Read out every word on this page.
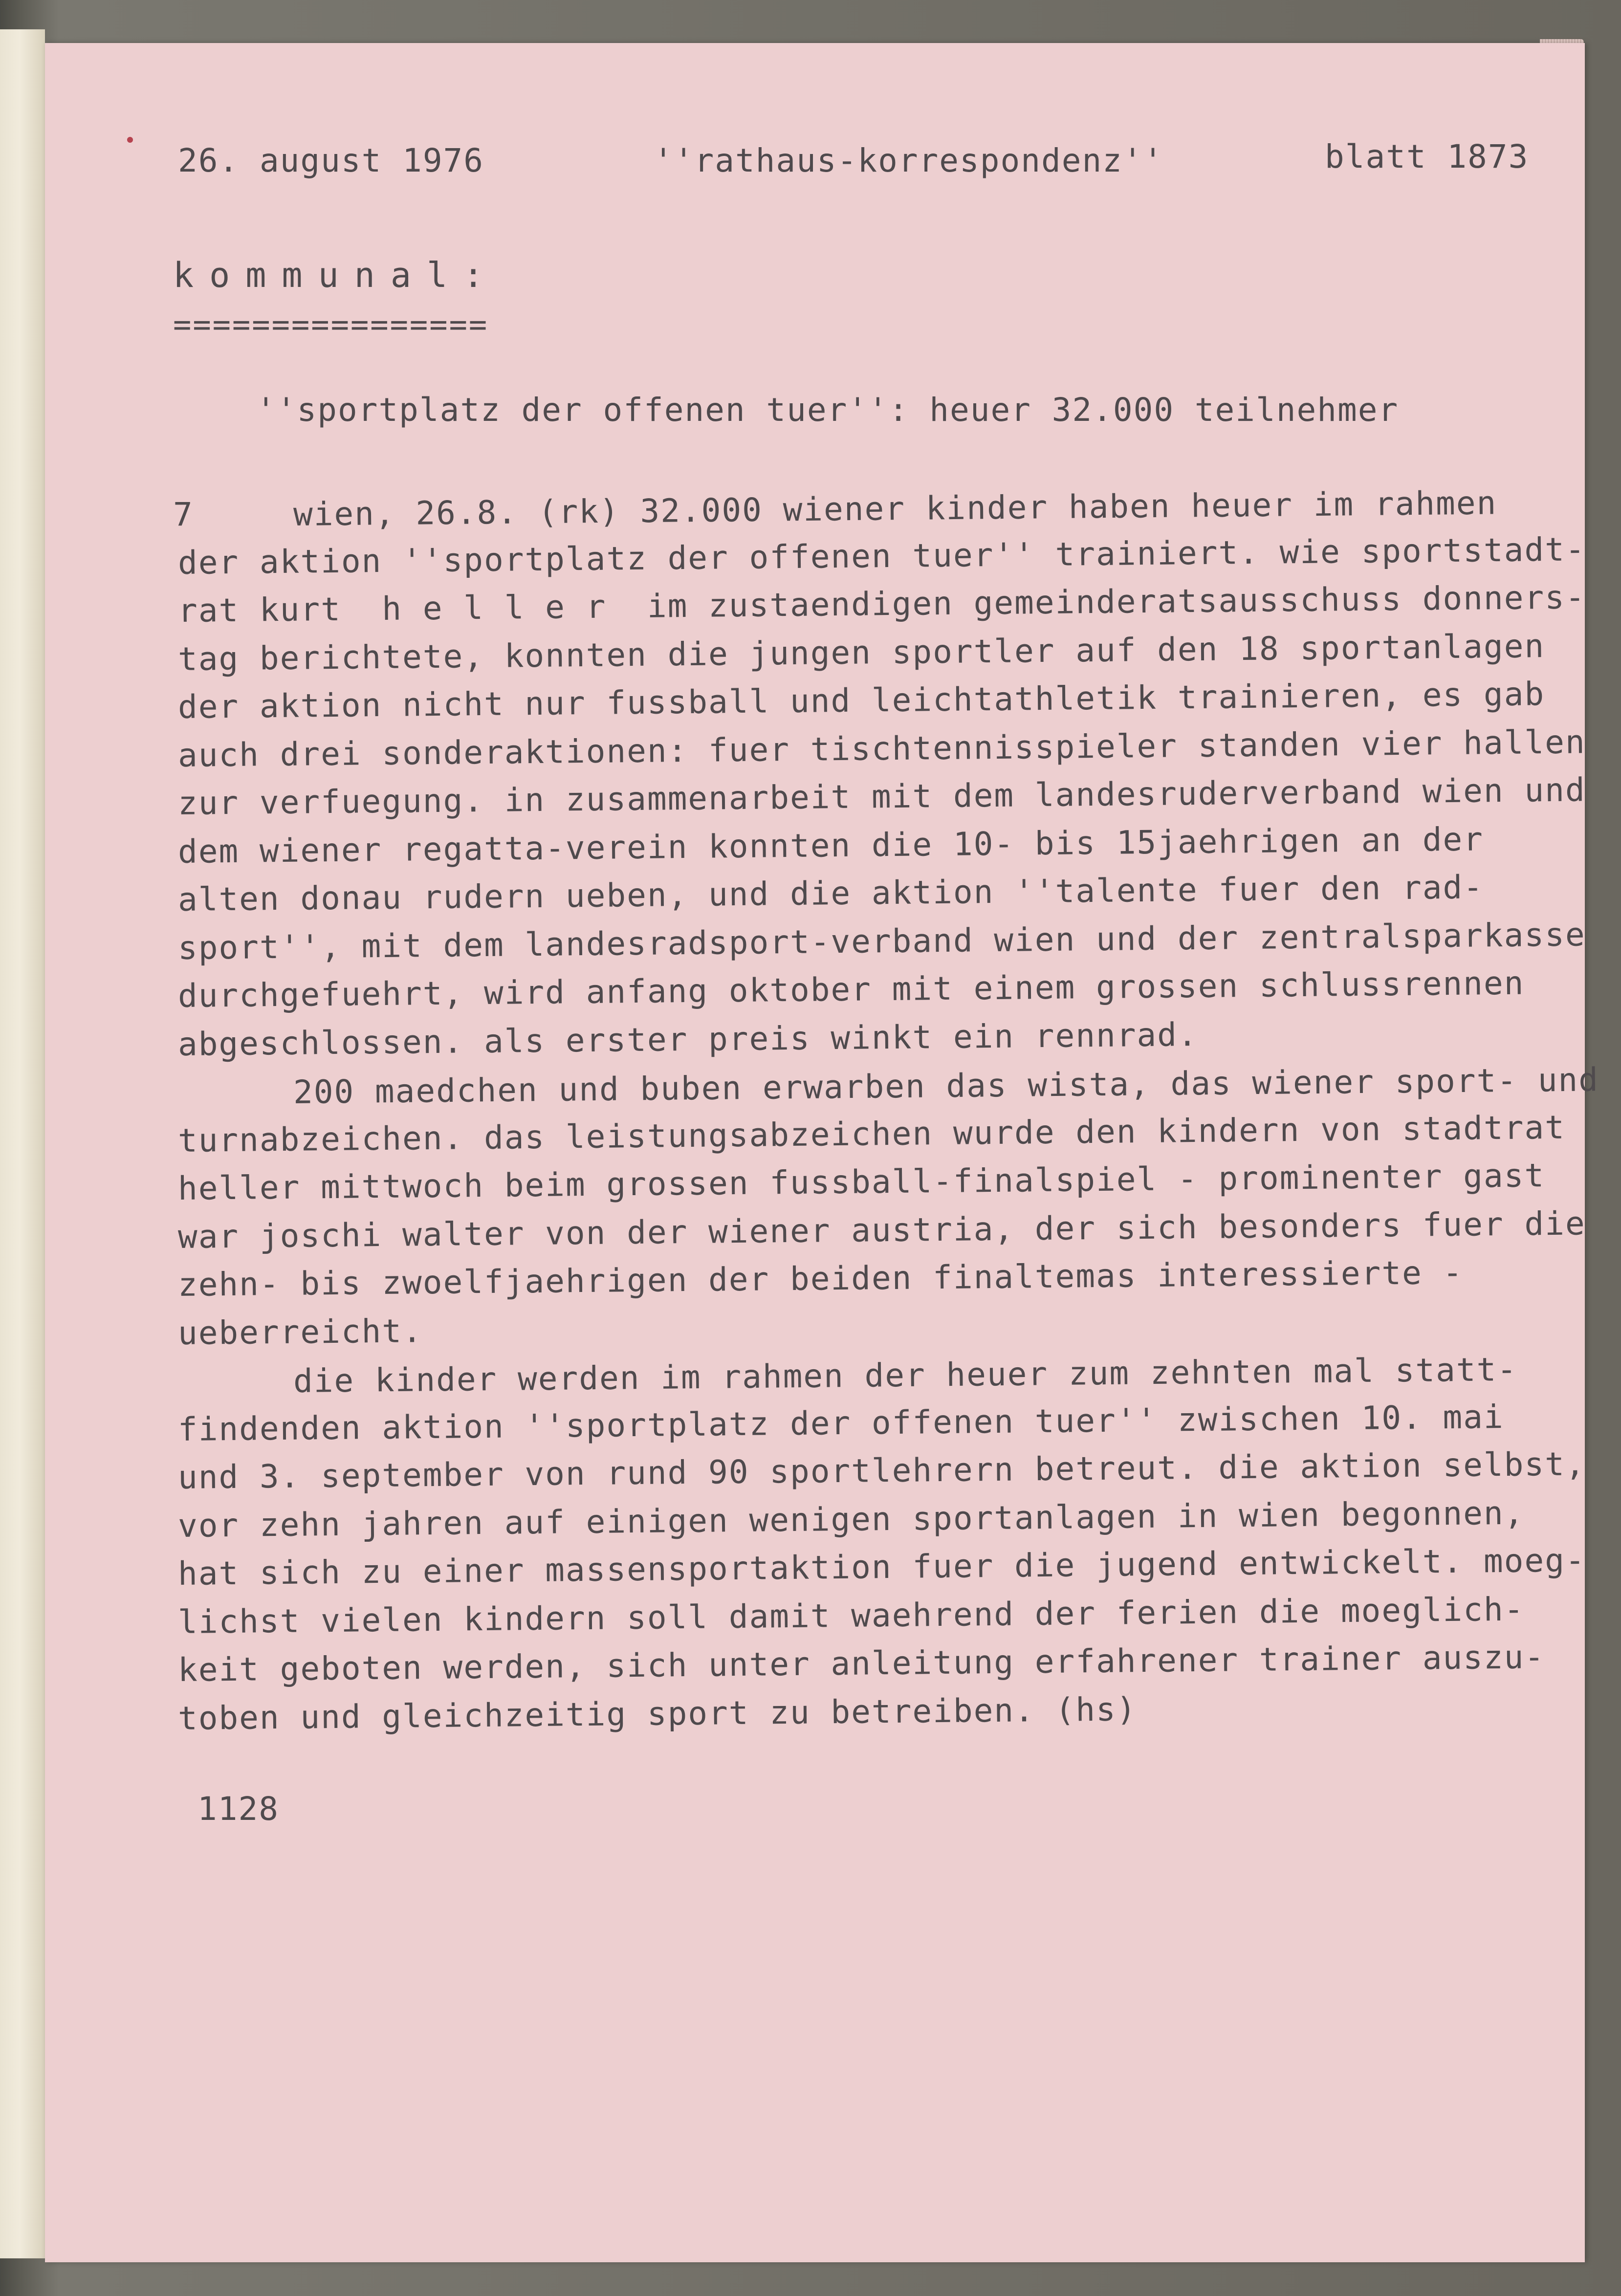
26. august 1976	''rathaus-korrespondenz''	blatt 1873
kommunal:
================
''sportplatz der offenen tuer'': heuer 32.000 teilnehmer
7	wien, 26.8. (rk) 32.000 wiener kinder haben heuer im rahmen
der aktion ''sportplatz der offenen tuer'' trainiert. wie sportstadt-
rat kurt  h e l l e r  im zustaendigen gemeinderatsausschuss donners-
tag berichtete, konnten die jungen sportler auf den 18 sportanlagen
der aktion nicht nur fussball und leichtathletik trainieren, es gab
auch drei sonderaktionen: fuer tischtennisspieler standen vier hallen
zur verfuegung. in zusammenarbeit mit dem landesruderverband wien und
dem wiener regatta-verein konnten die 10- bis 15jaehrigen an der
alten donau rudern ueben, und die aktion ''talente fuer den rad-
sport'', mit dem landesradsport-verband wien und der zentralsparkasse
durchgefuehrt, wird anfang oktober mit einem grossen schlussrennen
abgeschlossen. als erster preis winkt ein rennrad.
200 maedchen und buben erwarben das wista, das wiener sport- und
turnabzeichen. das leistungsabzeichen wurde den kindern von stadtrat
heller mittwoch beim grossen fussball-finalspiel - prominenter gast
war joschi walter von der wiener austria, der sich besonders fuer die
zehn- bis zwoelfjaehrigen der beiden finaltemas interessierte -
ueberreicht.
die kinder werden im rahmen der heuer zum zehnten mal statt-
findenden aktion ''sportplatz der offenen tuer'' zwischen 10. mai
und 3. september von rund 90 sportlehrern betreut. die aktion selbst,
vor zehn jahren auf einigen wenigen sportanlagen in wien begonnen,
hat sich zu einer massensportaktion fuer die jugend entwickelt. moeg-
lichst vielen kindern soll damit waehrend der ferien die moeglich-
keit geboten werden, sich unter anleitung erfahrener trainer auszu-
toben und gleichzeitig sport zu betreiben. (hs)
1128
